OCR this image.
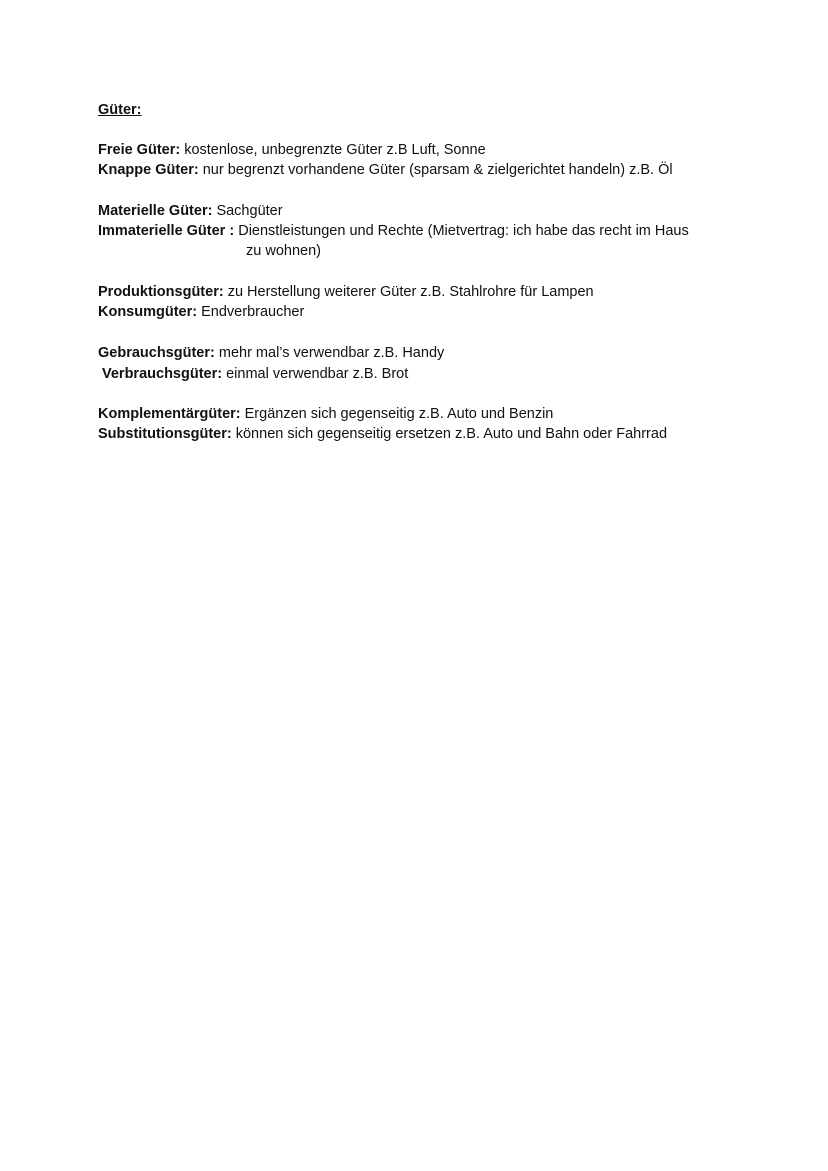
Güter:
Freie Güter: kostenlose, unbegrenzte Güter z.B Luft, Sonne
Knappe Güter: nur begrenzt vorhandene Güter (sparsam & zielgerichtet handeln) z.B. Öl
Materielle Güter: Sachgüter
Immaterielle Güter : Dienstleistungen und Rechte (Mietvertrag: ich habe das recht im Haus
zu wohnen)
Produktionsgüter: zu Herstellung weiterer Güter z.B. Stahlrohre für Lampen
Konsumgüter: Endverbraucher
Gebrauchsgüter: mehr mal’s verwendbar z.B. Handy
Verbrauchsgüter: einmal verwendbar z.B. Brot
Komplementärgüter: Ergänzen sich gegenseitig z.B. Auto und Benzin
Substitutionsgüter: können sich gegenseitig ersetzen z.B. Auto und Bahn oder Fahrrad
